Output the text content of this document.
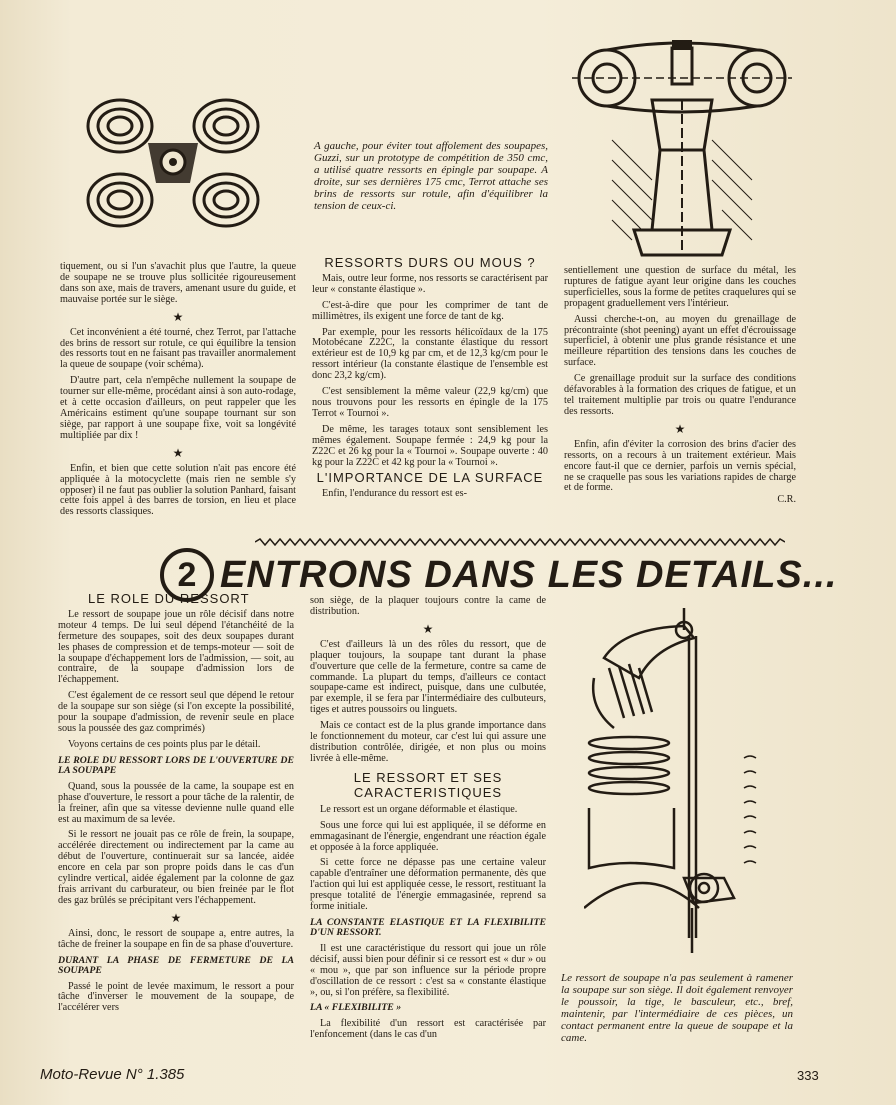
A gauche, pour éviter tout affolement des soupapes, Guzzi, sur un prototype de compétition de 350 cmc, a utilisé quatre ressorts en épingle par soupape. A droite, sur ses dernières 175 cmc, Terrot attache ses brins de ressorts sur rotule, afin d'équilibrer la tension de ceux-ci.

tiquement, ou si l'un s'avachit plus que l'autre, la queue de soupape ne se trouve plus sollicitée rigoureusement dans son axe, mais de travers, amenant usure du guide, et mauvaise portée sur le siège.

★

Cet inconvénient a été tourné, chez Terrot, par l'attache des brins de ressort sur rotule, ce qui équilibre la tension des ressorts tout en ne faisant pas travailler anormalement la queue de soupape (voir schéma).

D'autre part, cela n'empêche nullement la soupape de tourner sur elle-même, procédant ainsi à son auto-rodage, et à cette occasion d'ailleurs, on peut rappeler que les Américains estiment qu'une soupape tournant sur son siège, par rapport à une soupape fixe, voit sa longévité multipliée par dix !

★

Enfin, et bien que cette solution n'ait pas encore été appliquée à la motocyclette (mais rien ne semble s'y opposer) il ne faut pas oublier la solution Panhard, faisant cette fois appel à des barres de torsion, en lieu et place des ressorts classiques.

RESSORTS DURS OU MOUS ?

Mais, outre leur forme, nos ressorts se caractérisent par leur « constante élastique ».

C'est-à-dire que pour les comprimer de tant de millimètres, ils exigent une force de tant de kg.

Par exemple, pour les ressorts hélicoïdaux de la 175 Motobécane Z22C, la constante élastique du ressort extérieur est de 10,9 kg par cm, et de 12,3 kg/cm pour le ressort intérieur (la constante élastique de l'ensemble est donc 23,2 kg/cm).

C'est sensiblement la même valeur (22,9 kg/cm) que nous trouvons pour les ressorts en épingle de la 175 Terrot « Tournoi ».

De même, les tarages totaux sont sensiblement les mêmes également. Soupape fermée : 24,9 kg pour la Z22C et 26 kg pour la « Tournoi ». Soupape ouverte : 40 kg pour la Z22C et 42 kg pour la « Tournoi ».

L'IMPORTANCE DE LA SURFACE

Enfin, l'endurance du ressort est es-

sentiellement une question de surface du métal, les ruptures de fatigue ayant leur origine dans les couches superficielles, sous la forme de petites craquelures qui se propagent graduellement vers l'intérieur.

Aussi cherche-t-on, au moyen du grenaillage de précontrainte (shot peening) ayant un effet d'écrouissage superficiel, à obtenir une plus grande résistance et une meilleure répartition des tensions dans les couches de surface.

Ce grenaillage produit sur la surface des conditions défavorables à la formation des criques de fatigue, et un tel traitement multiplie par trois ou quatre l'endurance des ressorts.

★

Enfin, afin d'éviter la corrosion des brins d'acier des ressorts, on a recours à un traitement extérieur. Mais encore faut-il que ce dernier, parfois un vernis spécial, ne se craquelle pas sous les variations rapides de charge et de forme.

C.R.

2 ENTRONS DANS LES DETAILS...

LE ROLE DU RESSORT

Le ressort de soupape joue un rôle décisif dans notre moteur 4 temps. De lui seul dépend l'étanchéité de la fermeture des soupapes, soit des deux soupapes durant les phases de compression et de temps-moteur — soit de la soupape d'échappement lors de l'admission, — soit, au contraire, de la soupape d'admission lors de l'échappement.

C'est également de ce ressort seul que dépend le retour de la soupape sur son siège (si l'on excepte la possibilité, pour la soupape d'admission, de revenir seule en place sous la poussée des gaz comprimés)

Voyons certains de ces points plus par le détail.

LE ROLE DU RESSORT LORS DE L'OUVERTURE DE LA SOUPAPE

Quand, sous la poussée de la came, la soupape est en phase d'ouverture, le ressort a pour tâche de la ralentir, de la freiner, afin que sa vitesse devienne nulle quand elle est au maximum de sa levée.

Si le ressort ne jouait pas ce rôle de frein, la soupape, accélérée directement ou indirectement par la came au début de l'ouverture, continuerait sur sa lancée, aidée encore en cela par son propre poids dans le cas d'un cylindre vertical, aidée également par la colonne de gaz frais arrivant du carburateur, ou bien freinée par le flot des gaz brûlés se précipitant vers l'échappement.

★

Ainsi, donc, le ressort de soupape a, entre autres, la tâche de freiner la soupape en fin de sa phase d'ouverture.

DURANT LA PHASE DE FERMETURE DE LA SOUPAPE

Passé le point de levée maximum, le ressort a pour tâche d'inverser le mouvement de la soupape, de l'accélérer vers

son siège, de la plaquer toujours contre la came de distribution.

★

C'est d'ailleurs là un des rôles du ressort, que de plaquer toujours, la soupape tant durant la phase d'ouverture que celle de la fermeture, contre sa came de commande. La plupart du temps, d'ailleurs ce contact soupape-came est indirect, puisque, dans une culbutée, par exemple, il se fera par l'intermédiaire des culbuteurs, tiges et autres poussoirs ou linguets.

Mais ce contact est de la plus grande importance dans le fonctionnement du moteur, car c'est lui qui assure une distribution contrôlée, dirigée, et non plus ou moins livrée à elle-même.

LE RESSORT ET SES CARACTERISTIQUES

Le ressort est un organe déformable et élastique.

Sous une force qui lui est appliquée, il se déforme en emmagasinant de l'énergie, engendrant une réaction égale et opposée à la force appliquée.

Si cette force ne dépasse pas une certaine valeur capable d'entraîner une déformation permanente, dès que l'action qui lui est appliquée cesse, le ressort, restituant la presque totalité de l'énergie emmagasinée, reprend sa forme initiale.

LA CONSTANTE ELASTIQUE ET LA FLEXIBILITE D'UN RESSORT.

Il est une caractéristique du ressort qui joue un rôle décisif, aussi bien pour définir si ce ressort est « dur » ou « mou », que par son influence sur la période propre d'oscillation de ce ressort : c'est sa « constante élastique », ou, si l'on préfère, sa flexibilité.

LA « FLEXIBILITE »

La flexibilité d'un ressort est caractérisée par l'enfoncement (dans le cas d'un

Le ressort de soupape n'a pas seulement à ramener la soupape sur son siège. Il doit également renvoyer le poussoir, la tige, le basculeur, etc., bref, maintenir, par l'intermédiaire de ces pièces, un contact permanent entre la queue de soupape et la came.
Moto-Revue N° 1.385	333
